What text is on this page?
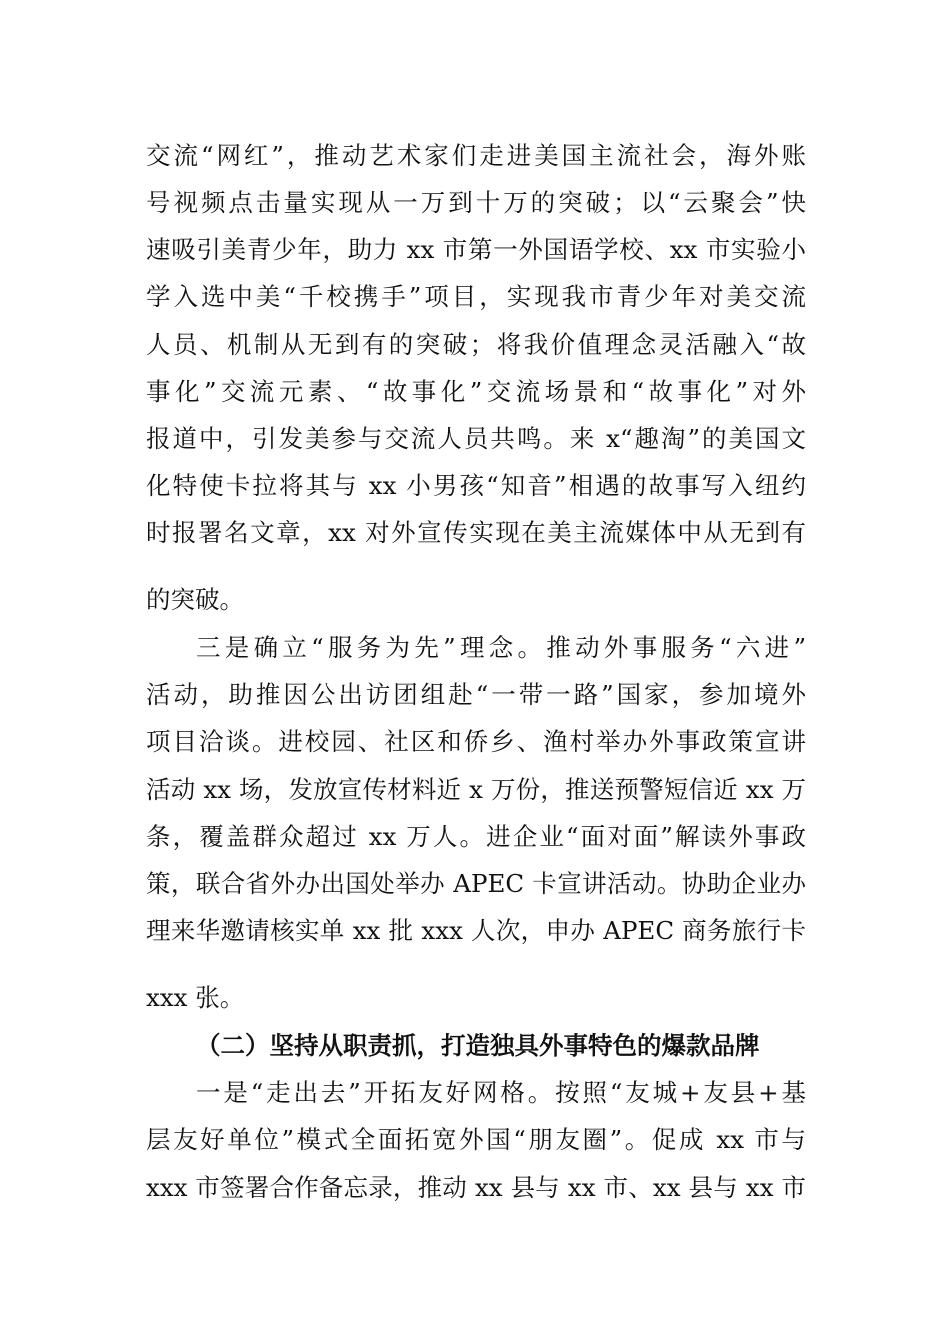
交流“网红”，推动艺术家们走进美国主流社会，海外账
号视频点击量实现从一万到十万的突破；以“云聚会”快
速吸引美青少年，助力 xx 市第一外国语学校、xx 市实验小
学入选中美“千校携手”项目，实现我市青少年对美交流
人员、机制从无到有的突破；将我价值理念灵活融入“故
事化”交流元素、“故事化”交流场景和“故事化”对外
报道中，引发美参与交流人员共鸣。来 x“趣淘”的美国文
化特使卡拉将其与 xx 小男孩“知音”相遇的故事写入纽约
时报署名文章，xx 对外宣传实现在美主流媒体中从无到有
的突破。
三是确立“服务为先”理念。推动外事服务“六进”
活动，助推因公出访团组赴“一带一路”国家，参加境外
项目洽谈。进校园、社区和侨乡、渔村举办外事政策宣讲
活动 xx 场，发放宣传材料近 x 万份，推送预警短信近 xx 万
条，覆盖群众超过 xx 万人。进企业“面对面”解读外事政
策，联合省外办出国处举办 APEC 卡宣讲活动。协助企业办
理来华邀请核实单 xx 批 xxx 人次，申办 APEC 商务旅行卡
xxx 张。
（二）坚持从职责抓，打造独具外事特色的爆款品牌
一是“走出去”开拓友好网格。按照“友城+友县+基
层友好单位”模式全面拓宽外国“朋友圈”。促成 xx 市与
xxx 市签署合作备忘录，推动 xx 县与 xx 市、xx 县与 xx 市
